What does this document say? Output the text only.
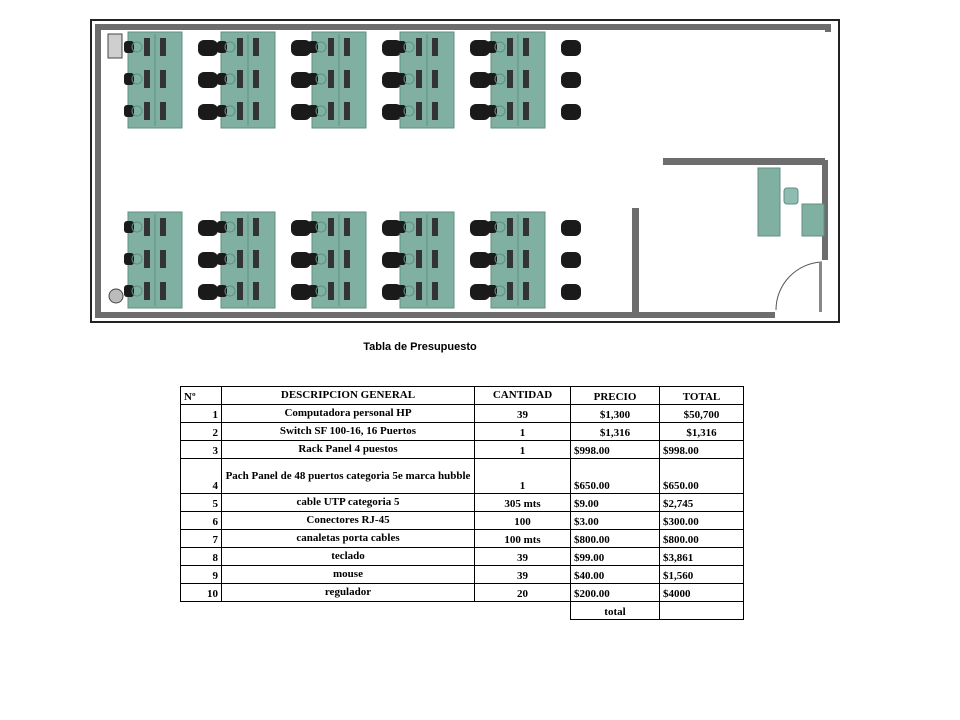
Tabla de Presupuesto
Nº	DESCRIPCION GENERAL	CANTIDAD	PRECIO	TOTAL
1	Computadora personal HP	39	$1,300	$50,700
2	Switch SF 100-16, 16 Puertos	1	$1,316	$1,316
3	Rack Panel 4 puestos	1	$998.00	$998.00
4	Pach Panel de 48 puertos categoria 5e marca hubble	1	$650.00	$650.00
5	cable UTP categoria 5	305 mts	$9.00	$2,745
6	Conectores RJ-45	100	$3.00	$300.00
7	canaletas porta cables	100 mts	$800.00	$800.00
8	teclado	39	$99.00	$3,861
9	mouse	39	$40.00	$1,560
10	regulador	20	$200.00	$4000
			total	
